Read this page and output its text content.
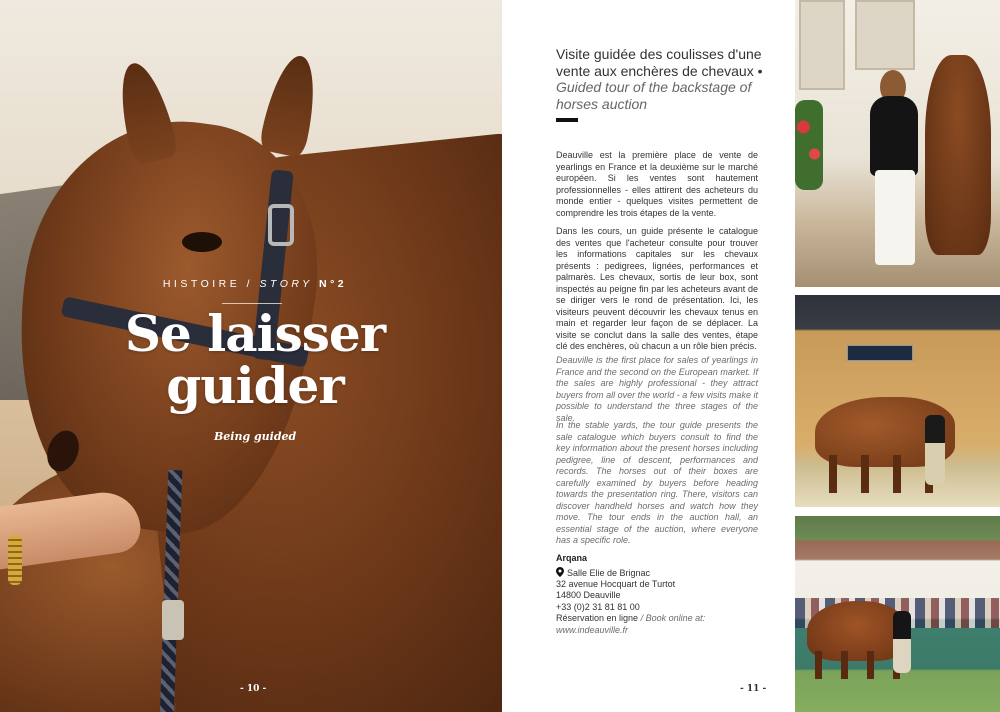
HISTOIRE / STORY N°2
Se laisser
guider
Being guided
- 10 -
Visite guidée des coulisses d'une vente aux enchères de chevaux •
Guided tour of the backstage of horses auction

Deauville est la première place de vente de yearlings en France et la deuxième sur le marché européen. Si les ventes sont hautement professionnelles - elles attirent des acheteurs du monde entier - quelques visites permettent de comprendre les trois étapes de la vente.

Dans les cours, un guide présente le catalogue des ventes que l'acheteur consulte pour trouver les informations capitales sur les chevaux présents : pedigrees, lignées, performances et palmarès. Les chevaux, sortis de leur box, sont inspectés au peigne fin par les acheteurs avant de se diriger vers le rond de présentation. Ici, les visiteurs peuvent découvrir les chevaux tenus en main et regarder leur façon de se déplacer. La visite se conclut dans la salle des ventes, étape clé des enchères, où chacun a un rôle bien précis.

Deauville is the first place for sales of yearlings in France and the second on the European market. If the sales are highly professional - they attract buyers from all over the world - a few visits make it possible to understand the three stages of the sale.

In the stable yards, the tour guide presents the sale catalogue which buyers consult to find the key information about the present horses including pedigree, line of descent, performances and records. The horses out of their boxes are carefully examined by buyers before heading towards the presentation ring. There, visitors can discover handheld horses and watch how they move. The tour ends in the auction hall, an essential stage of the auction, where everyone has a specific role.

Arqana
Salle Elie de Brignac
32 avenue Hocquart de Turtot
14800 Deauville
+33 (0)2 31 81 81 00
Réservation en ligne / Book online at:
www.indeauville.fr
- 11 -
